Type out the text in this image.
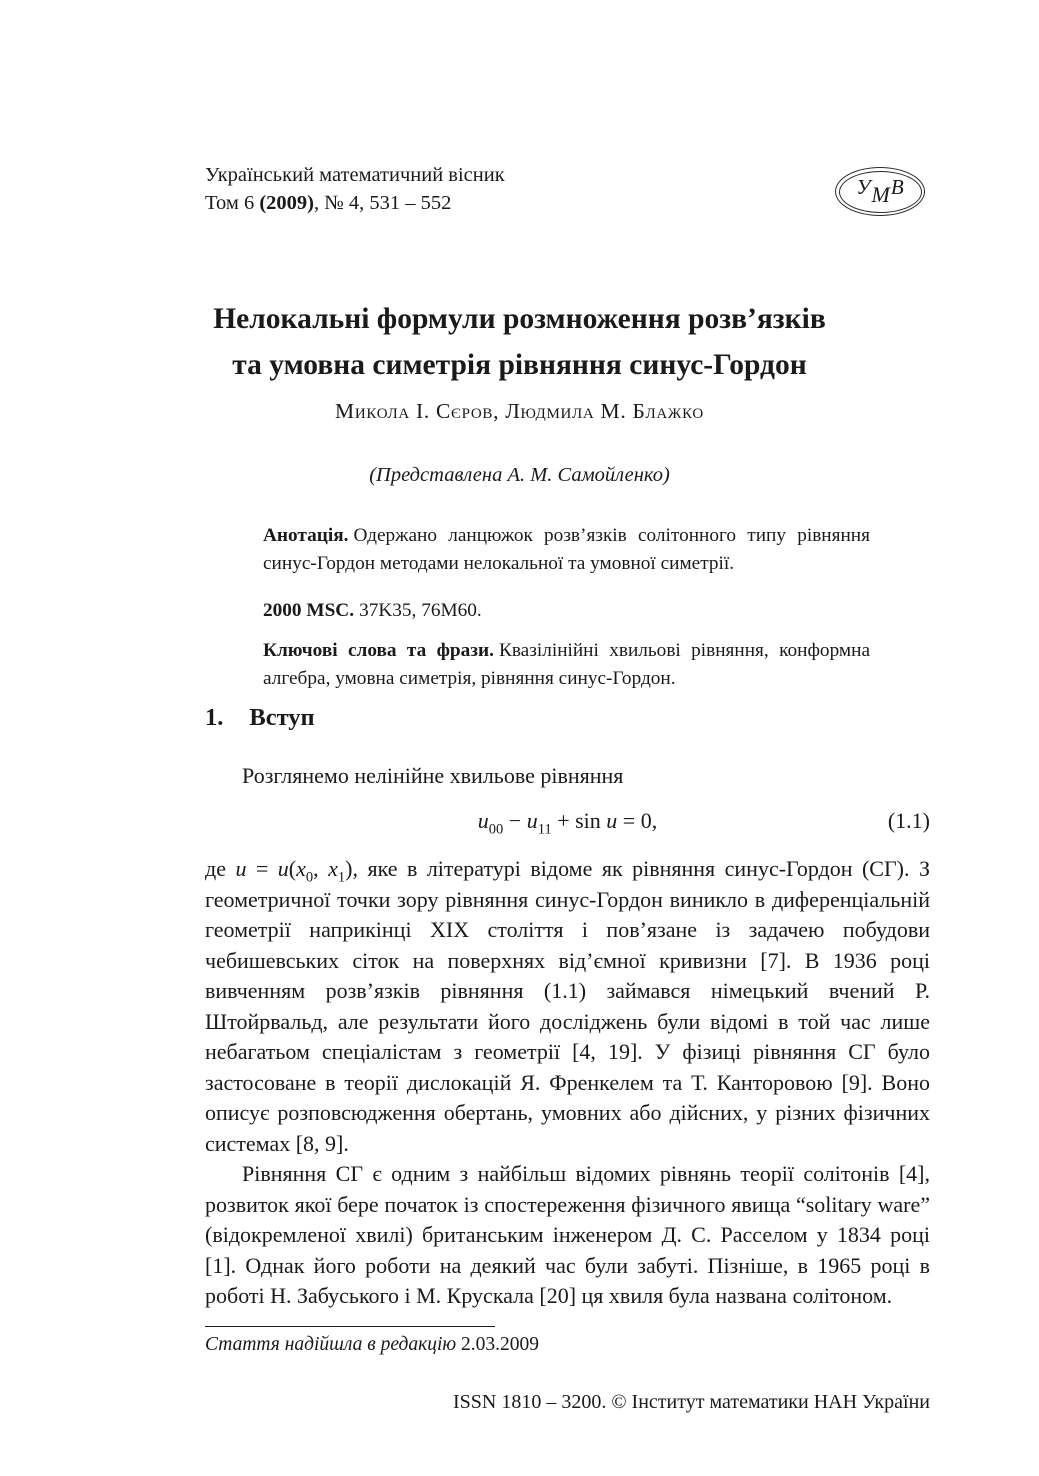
Український математичний вісник
Том 6 (2009), № 4, 531 – 552
У М В
Нелокальні формули розмноження розв’язків
та умовна симетрія рівняння синус-Гордон
Микола І. Сєров, Людмила М. Блажко
(Представлена А. М. Самойленко)

Анотація. Одержано ланцюжок розв’язків солітонного типу рівняння синус-Гордон методами нелокальної та умовної симетрії.

2000 MSC. 37K35, 76M60.

Ключові слова та фрази. Квазілінійні хвильові рівняння, конформна алгебра, умовна симетрія, рівняння синус-Гордон.

1. Вступ

Розглянемо нелінійне хвильове рівняння

$u_{00} - u_{11} + \sin u = 0$,	(1.1)

де $u = u(x_0$, $x_1$), яке в літературі відоме як рівняння синус-Гордон (СГ). З геометричної точки зору рівняння синус-Гордон виникло в диференціальній геометрії наприкінці XIX століття і пов’язане із задачею побудови чебишевських сіток на поверхнях від’ємної кривизни [7]. В 1936 році вивченням розв’язків рівняння (1.1) займався німецький вчений Р. Штойрвальд, але результати його досліджень були відомі в той час лише небагатьом спеціалістам з геометрії [4, 19]. У фізиці рівняння СГ було застосоване в теорії дислокацій Я. Френкелем та Т. Канторовою [9]. Воно описує розповсюдження обертань, умовних або дійсних, у різних фізичних системах [8, 9].

Рівняння СГ є одним з найбільш відомих рівнянь теорії солітонів [4], розвиток якої бере початок із спостереження фізичного явища “solitary ware” (відокремленої хвилі) британським інженером Д. С. Расселом у 1834 році [1]. Однак його роботи на деякий час були забуті. Пізніше, в 1965 році в роботі Н. Забуського і М. Крускала [20] ця хвиля була названа солітоном.

Стаття надійшла в редакцію 2.03.2009

ISSN 1810 – 3200. © Інститут математики НАН України
